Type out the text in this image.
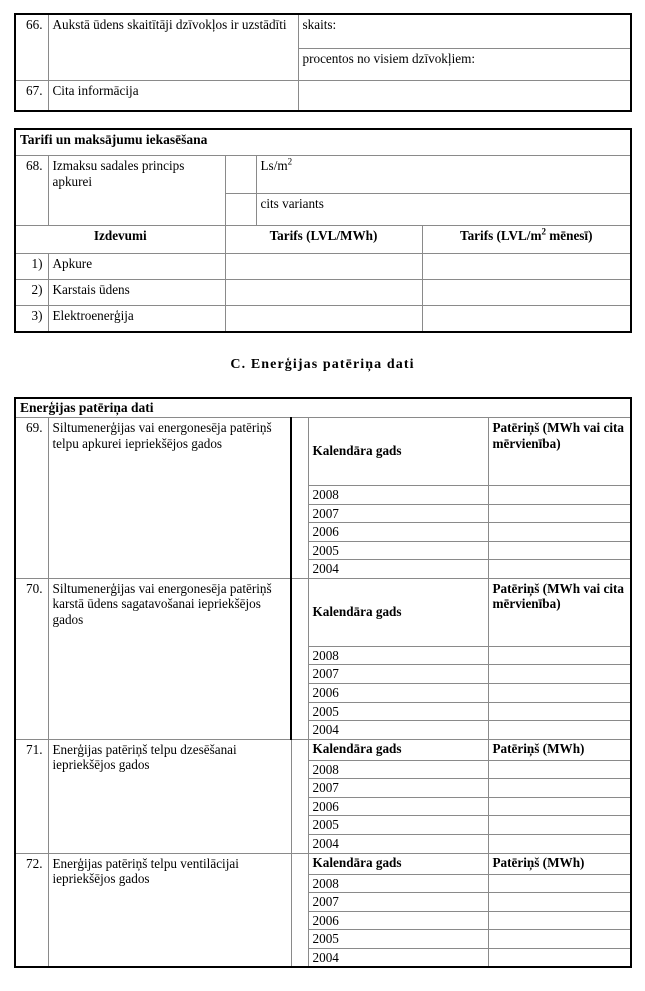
66.	Aukstā ūdens skaitītāji dzīvokļos ir uzstādīti	skaits:
		procentos no visiem dzīvokļiem:
67.	Cita informācija	
Tarifi un maksājumu iekasēšana				
68.	Izmaksu sadales princips apkurei		$Ls/m^2$
			cits variants	
Izdevumi		Tarifs (LVL/MWh)		Tarifs ($LVL/m^2$ mēnesī)
1)	Apkure			
2)	Karstais ūdens			
3)	Elektroenerģija			
C. Enerģijas patēriņa dati
Enerģijas patēriņa dati				
69.	Siltumenerģijas vai energonesēja patēriņš telpu apkurei iepriekšējos gados		Kalendāra gads	Patēriņš (MWh vai cita mērvienība)
			2008	
			2007	
			2006	
			2005	
			2004	
70.	Siltumenerģijas vai energonesēja patēriņš karstā ūdens sagatavošanai iepriekšējos gados		Kalendāra gads	Patēriņš (MWh vai cita mērvienība)
			2008	
			2007	
			2006	
			2005	
			2004	
71.	Enerģijas patēriņš telpu dzesēšanai iepriekšējos gados		Kalendāra gads	Patēriņš (MWh)
			2008	
			2007	
			2006	
			2005	
			2004	
72.	Enerģijas patēriņš telpu ventilācijai iepriekšējos gados		Kalendāra gads	Patēriņš (MWh)
			2008	
			2007	
			2006	
			2005	
			2004	
